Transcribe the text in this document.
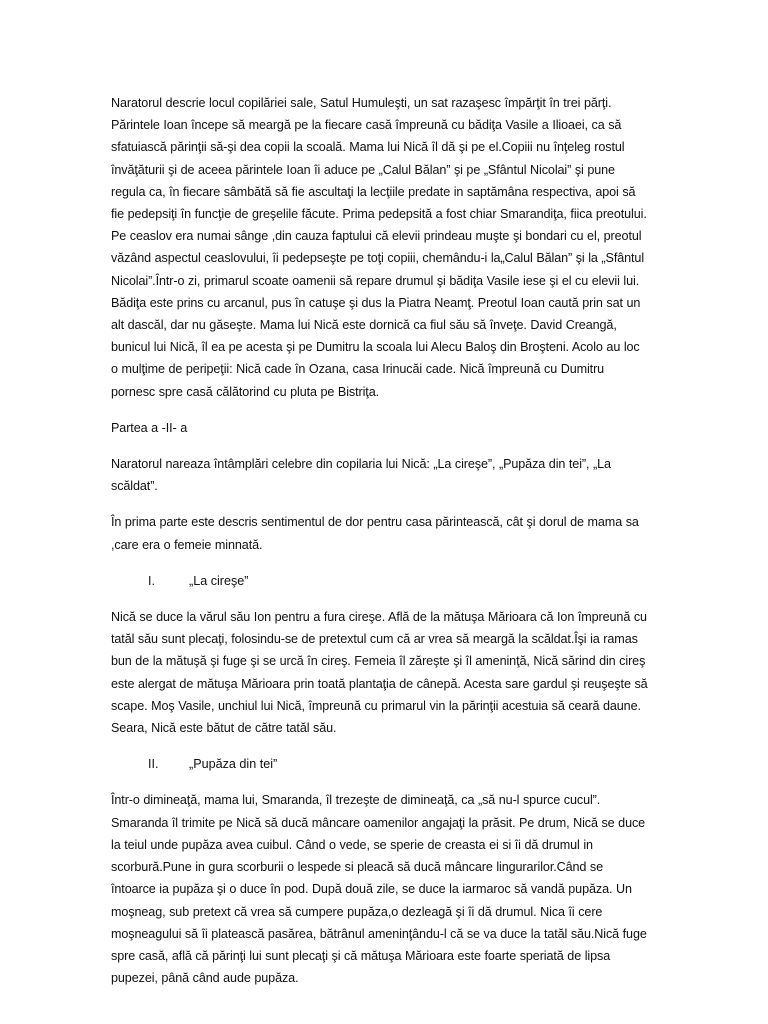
Naratorul descrie locul copilăriei sale, Satul Humuleşti, un sat razaşesc împărţit în trei părţi. Părintele Ioan începe să meargă pe la fiecare casă împreună cu bădiţa Vasile a Ilioaei, ca să sfatuiască părinţii să-şi dea copii la scoală. Mama lui Nică îl dă şi pe el.Copiii nu înţeleg rostul învăţăturii şi de aceea părintele Ioan îi aduce pe „Calul Bălan” şi pe „Sfântul Nicolai” şi pune regula ca, în fiecare sâmbătă să fie ascultaţi la lecţiile predate in saptămâna respectiva, apoi să fie pedepsiţi în funcţie de greşelile făcute. Prima pedepsită a fost chiar Smarandiţa, fiica preotului. Pe ceaslov era numai sânge ,din cauza faptului că elevii prindeau muşte şi bondari cu el, preotul văzând aspectul ceaslovului, îi pedepseşte pe toţi copiii, chemându-i la„Calul Bălan” şi la „Sfântul Nicolai”.Într-o zi, primarul scoate oamenii să repare drumul şi bădiţa Vasile iese şi el cu elevii lui. Bădiţa este prins cu arcanul, pus în catuşe şi dus la Piatra Neamţ. Preotul Ioan caută prin sat un alt dascăl, dar nu găseşte. Mama lui Nică este dornică ca fiul său să înveţe. David Creangă, bunicul lui Nică, îl ea pe acesta şi pe Dumitru la scoala lui Alecu Baloş din Broşteni. Acolo au loc o mulţime de peripeţii: Nică cade în Ozana, casa Irinucăi cade. Nică împreună cu Dumitru pornesc spre casă călătorind cu pluta pe Bistriţa.

Partea a -II- a

Naratorul nareaza întâmplări celebre din copilaria lui Nică: „La cireşe”, „Pupăza din tei”, „La scăldat”.

În prima parte este descris sentimentul de dor pentru casa părintească, cât şi dorul de mama sa ,care era o femeie minnată.

I.	„La cireşe”

Nică se duce la vărul său Ion pentru a fura cireşe. Află de la mătuşa Mărioara că Ion împreună cu tatăl său sunt plecaţi, folosindu-se de pretextul cum că ar vrea să meargă la scăldat.Îşi ia ramas bun de la mătuşă şi fuge şi se urcă în cireş. Femeia îl zăreşte şi îl ameninţă, Nică sărind din cireş este alergat de mătuşa Mărioara prin toată plantaţia de cânepă. Acesta sare gardul şi reuşeşte să scape. Moş Vasile, unchiul lui Nică, împreună cu primarul vin la părinţii acestuia să ceară daune. Seara, Nică este bătut de către tatăl său.

II. „Pupăza din tei”

Într-o dimineaţă, mama lui, Smaranda, îl trezeşte de dimineaţă, ca „să nu-l spurce cucul”. Smaranda îl trimite pe Nică să ducă mâncare oamenilor angajaţi la prăsit. Pe drum, Nică se duce la teiul unde pupăza avea cuibul. Când o vede, se sperie de creasta ei si îi dă drumul in scorbură.Pune in gura scorburii o lespede si pleacă să ducă mâncare lingurarilor.Când se întoarce ia pupăza şi o duce în pod. După două zile, se duce la iarmaroc să vandă pupăza. Un moşneag, sub pretext că vrea să cumpere pupăza,o dezleagă şi îi dă drumul. Nica îi cere moşneagului să îi platească pasărea, bătrânul ameninţându-l că se va duce la tatăl său.Nică fuge spre casă, află că părinţi lui sunt plecaţi şi că mătuşa Mărioara este foarte speriată de lipsa pupezei, până când aude pupăza.
